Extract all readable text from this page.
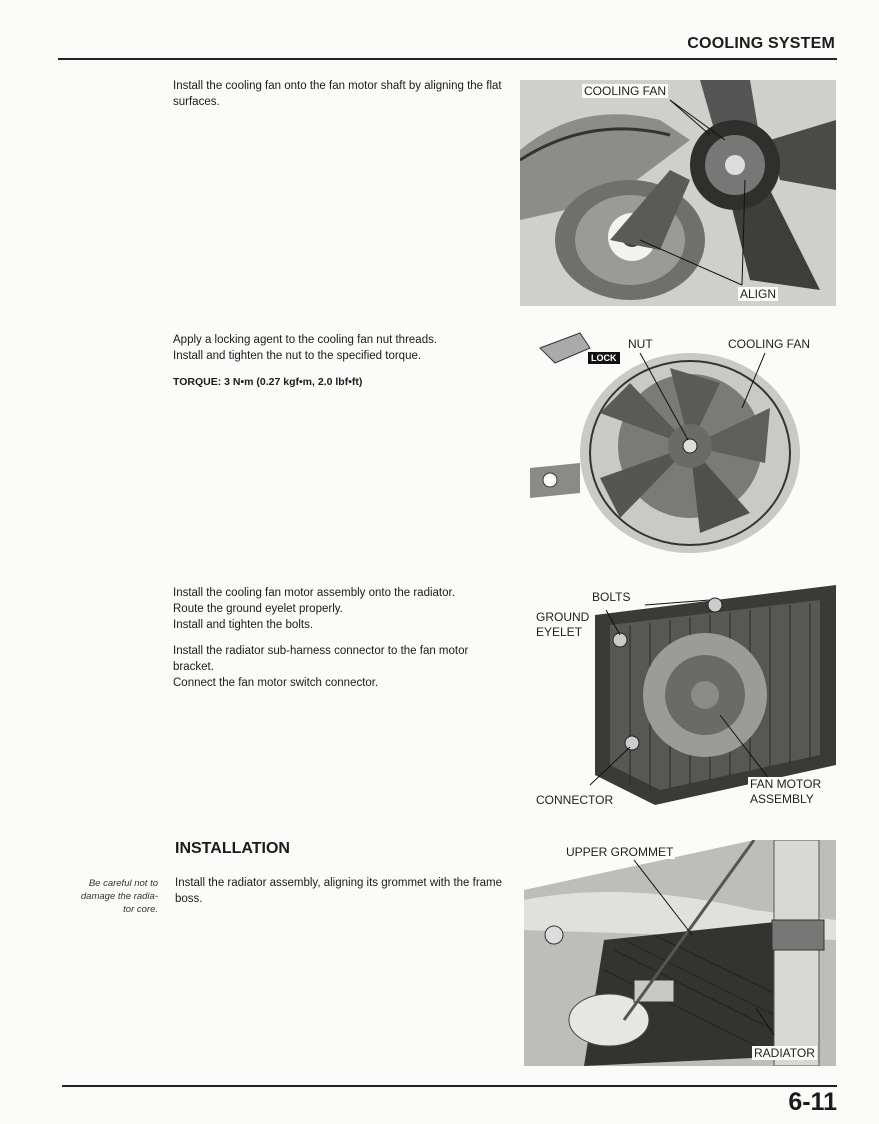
COOLING SYSTEM

Install the cooling fan onto the fan motor shaft by aligning the flat surfaces.

COOLING FAN
ALIGN

Apply a locking agent to the cooling fan nut threads.

Install and tighten the nut to the specified torque.

TORQUE: 3 N•m (0.27 kgf•m, 2.0 lbf•ft)

LOCK
NUT	COOLING FAN

Install the cooling fan motor assembly onto the radiator.

Route the ground eyelet properly.

Install and tighten the bolts.

Install the radiator sub-harness connector to the fan motor bracket.

Connect the fan motor switch connector.

BOLTS
GROUND
EYELET
CONNECTOR
FAN MOTOR
ASSEMBLY
INSTALLATION
Be careful not to damage the radia- tor core.

Install the radiator assembly, aligning its grommet with the frame boss.

UPPER GROMMET
RADIATOR
6-11
